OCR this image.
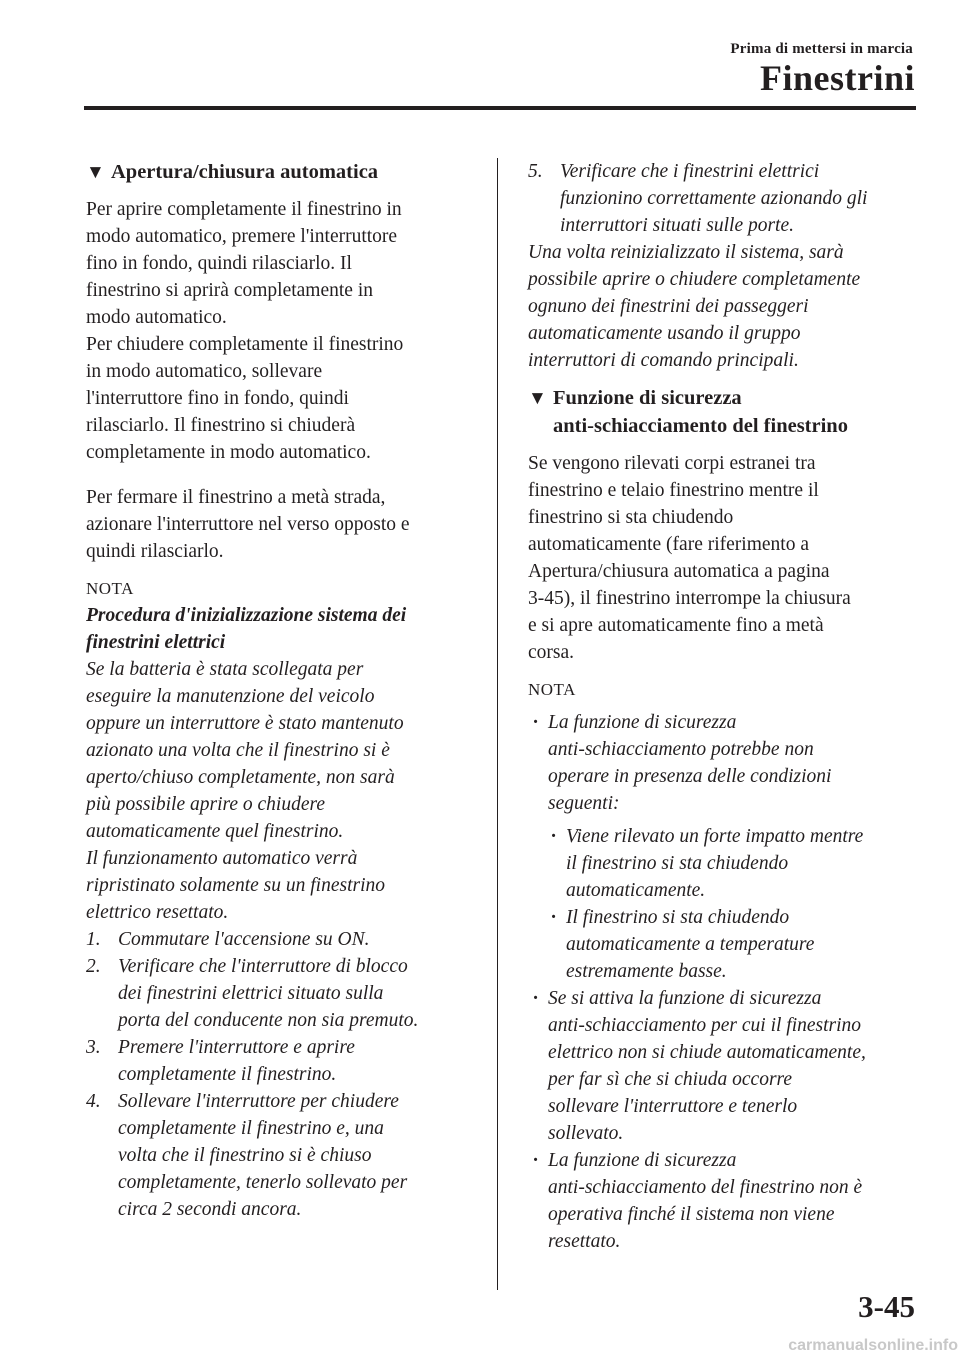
Prima di mettersi in marcia
Finestrini
▼ Apertura/chiusura automatica
Per aprire completamente il finestrino in
modo automatico, premere l'interruttore
fino in fondo, quindi rilasciarlo. Il
finestrino si aprirà completamente in
modo automatico.
Per chiudere completamente il finestrino
in modo automatico, sollevare
l'interruttore fino in fondo, quindi
rilasciarlo. Il finestrino si chiuderà
completamente in modo automatico.
Per fermare il finestrino a metà strada,
azionare l'interruttore nel verso opposto e
quindi rilasciarlo.
NOTA
Procedura d'inizializzazione sistema dei
finestrini elettrici
Se la batteria è stata scollegata per
eseguire la manutenzione del veicolo
oppure un interruttore è stato mantenuto
azionato una volta che il finestrino si è
aperto/chiuso completamente, non sarà
più possibile aprire o chiudere
automaticamente quel finestrino.
Il funzionamento automatico verrà
ripristinato solamente su un finestrino
elettrico resettato.
1. Commutare l'accensione su ON.
2. Verificare che l'interruttore di blocco
dei finestrini elettrici situato sulla
porta del conducente non sia premuto.
3. Premere l'interruttore e aprire
completamente il finestrino.
4. Sollevare l'interruttore per chiudere
completamente il finestrino e, una
volta che il finestrino si è chiuso
completamente, tenerlo sollevato per
circa 2 secondi ancora.
5. Verificare che i finestrini elettrici
funzionino correttamente azionando gli
interruttori situati sulle porte.
Una volta reinizializzato il sistema, sarà
possibile aprire o chiudere completamente
ognuno dei finestrini dei passeggeri
automaticamente usando il gruppo
interruttori di comando principali.
▼ Funzione di sicurezza
anti-schiacciamento del finestrino
Se vengono rilevati corpi estranei tra
finestrino e telaio finestrino mentre il
finestrino si sta chiudendo
automaticamente (fare riferimento a
Apertura/chiusura automatica a pagina
3-45), il finestrino interrompe la chiusura
e si apre automaticamente fino a metà
corsa.
NOTA
· La funzione di sicurezza
anti-schiacciamento potrebbe non
operare in presenza delle condizioni
seguenti:
· Viene rilevato un forte impatto mentre
il finestrino si sta chiudendo
automaticamente.
· Il finestrino si sta chiudendo
automaticamente a temperature
estremamente basse.
· Se si attiva la funzione di sicurezza
anti-schiacciamento per cui il finestrino
elettrico non si chiude automaticamente,
per far sì che si chiuda occorre
sollevare l'interruttore e tenerlo
sollevato.
· La funzione di sicurezza
anti-schiacciamento del finestrino non è
operativa finché il sistema non viene
resettato.
3-45
carmanualsonline.info
